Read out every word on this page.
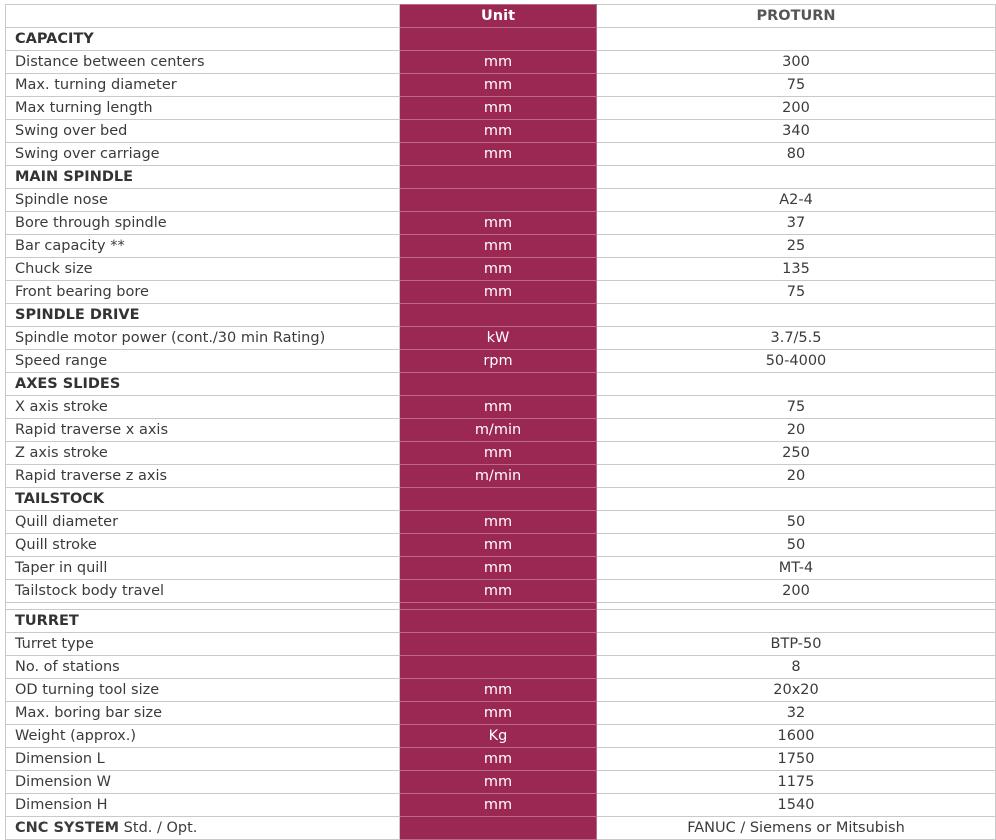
	Unit	PROTURN
CAPACITY		
Distance between centers	mm	300
Max. turning diameter	mm	75
Max turning length	mm	200
Swing over bed	mm	340
Swing over carriage	mm	80
MAIN SPINDLE		
Spindle nose		A2-4
Bore through spindle	mm	37
Bar capacity **	mm	25
Chuck size	mm	135
Front bearing bore	mm	75
SPINDLE DRIVE		
Spindle motor power (cont./30 min Rating)	kW	3.7/5.5
Speed range	rpm	50-4000
AXES SLIDES		
X axis stroke	mm	75
Rapid traverse x axis	m/min	20
Z axis stroke	mm	250
Rapid traverse z axis	m/min	20
TAILSTOCK		
Quill diameter	mm	50
Quill stroke	mm	50
Taper in quill	mm	MT-4
Tailstock body travel	mm	200

TURRET		
Turret type		BTP-50
No. of stations		8
OD turning tool size	mm	20x20
Max. boring bar size	mm	32
Weight (approx.)	Kg	1600
Dimension L	mm	1750
Dimension W	mm	1175
Dimension H	mm	1540
CNC SYSTEM Std. / Opt.		FANUC / Siemens or Mitsubish
